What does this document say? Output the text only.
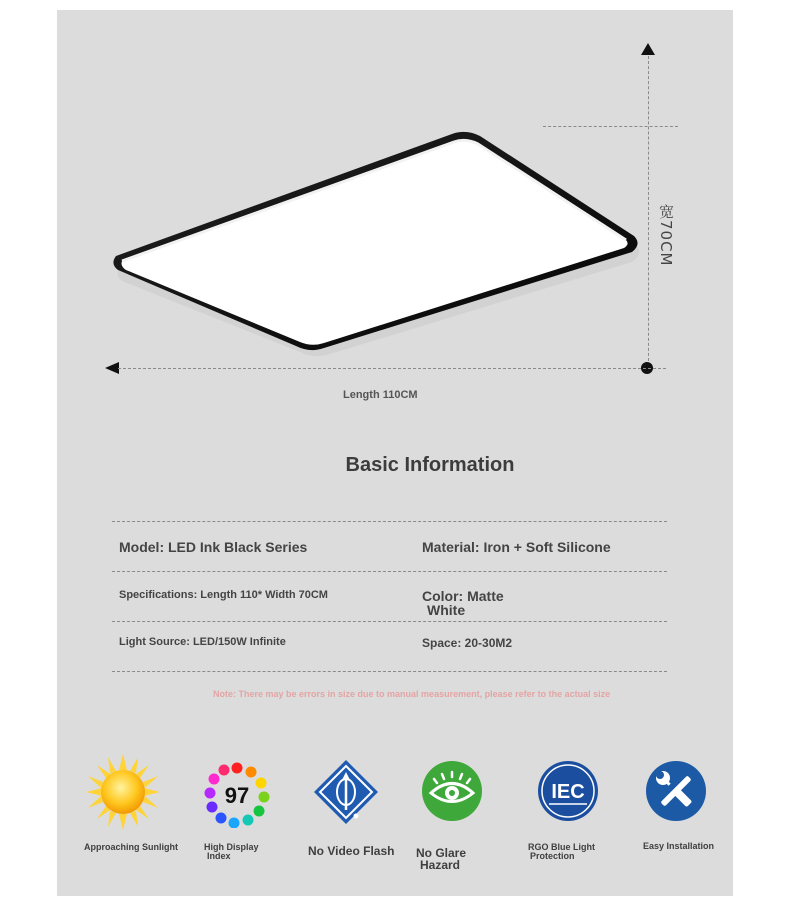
宽70CM
Length 110CM
Basic Information
Model: LED Ink Black Series	Material: Iron + Soft Silicone
Specifications: Length 110* Width 70CM	Color: Matte
White
Light Source: LED/150W Infinite	Space: 20-30M2
Note: There may be errors in size due to manual measurement, please refer to the actual size
Approaching Sunlight
97
High Display
Index	No Video Flash No Glare
Hazard
IEC
RGO Blue Light
Protection
Easy Installation
